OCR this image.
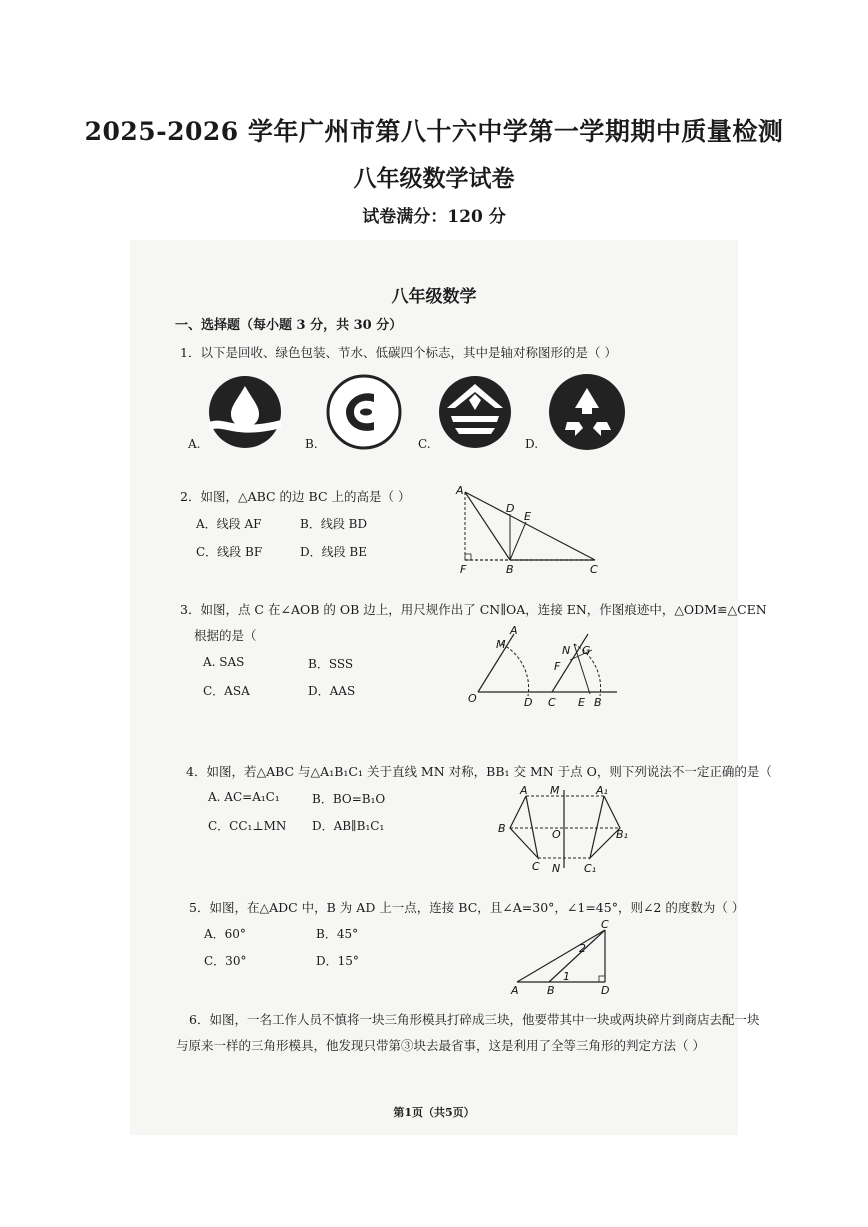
2025-2026 学年广州市第八十六中学第一学期期中质量检测
八年级数学试卷
试卷满分：120 分
八年级数学
一、选择题（每小题 3 分，共 30 分）
1．以下是回收、绿色包装、节水、低碳四个标志，其中是轴对称图形的是（ ）
A.	B.	C.	D.
2．如图，△ABC 的边 BC 上的高是（ ）
A．线段 AF	B．线段 BD
C．线段 BF	D．线段 BE
A
D
E
F	B	C
3．如图，点 C 在∠AOB 的 OB 边上，用尺规作出了 CN∥OA，连接 EN，作图痕迹中，△ODM≌△CEN
根据的是（
A. SAS	B．SSS
C．ASA	D．AAS
A
M
O	D
N G
F
C E B
4．如图，若△ABC 与△A₁B₁C₁ 关于直线 MN 对称，BB₁ 交 MN 于点 O，则下列说法不一定正确的是（
A. AC=A₁C₁	B．BO=B₁O
C．CC₁⊥MN D．AB∥B₁C₁
A M	A₁
B	O	B₁
C N C₁
5．如图，在△ADC 中，B 为 AD 上一点，连接 BC，且∠A=30°，∠1=45°，则∠2 的度数为（ ）
A．60°	B．45°
C．30°	D．15°
C
2
1
A	B	D
6．如图，一名工作人员不慎将一块三角形模具打碎成三块，他要带其中一块或两块碎片到商店去配一块
与原来一样的三角形模具，他发现只带第③块去最省事，这是利用了全等三角形的判定方法（ ）
第1页（共5页）
